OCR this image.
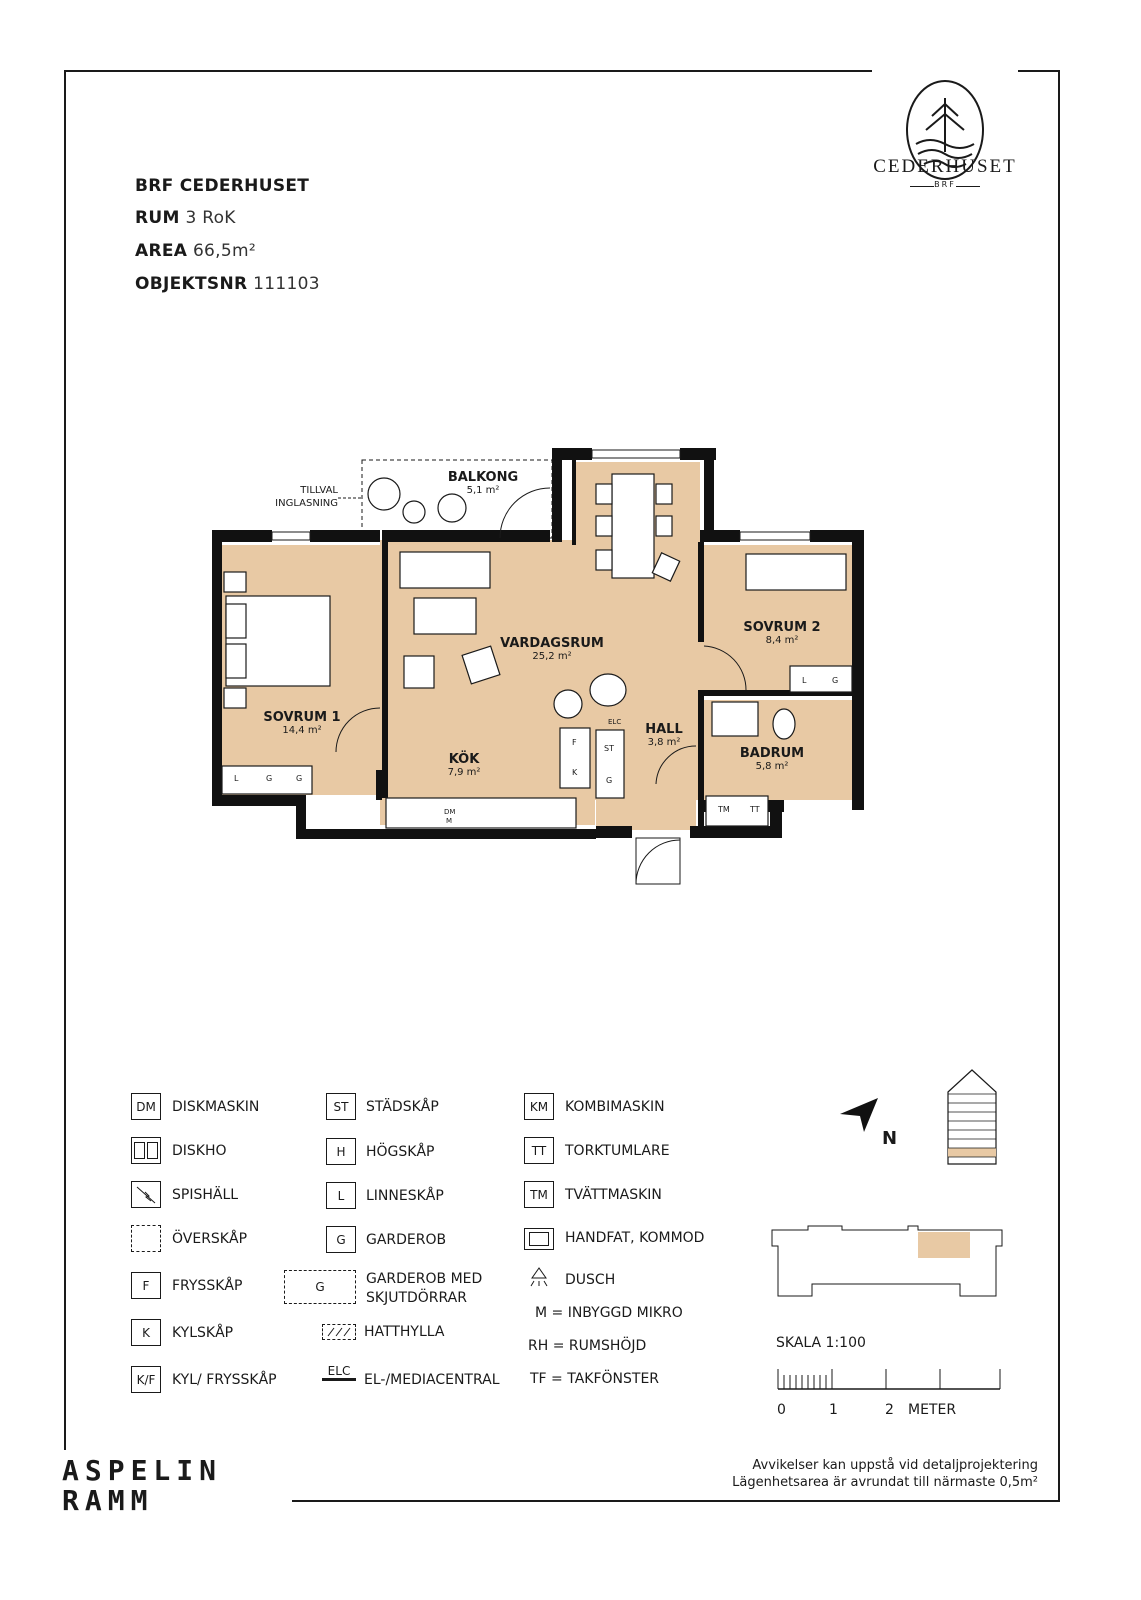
CEDERHUSET
BRF
BRF CEDERHUSET
RUM 3 RoK
AREA 66,5m²
OBJEKTSNR 111103
TILLVAL
INGLASNING
BALKONG
5,1 m²
VARDAGSRUM
25,2 m²
SOVRUM 1
14,4 m²
SOVRUM 2
8,4 m²
KÖK
7,9 m²
HALL
3,8 m²
BADRUM
5,8 m²
L	G	G
L	G
F
K
ST
G
ELC
DM
M
TM	TT
DM	DISKMASKIN
DISKHO
SPISHÄLL
ÖVERSKÅP
F	FRYSSKÅP
K	KYLSKÅP
K/F	KYL/ FRYSSKÅP
ST	STÄDSKÅP
H	HÖGSKÅP
L	LINNESKÅP
G	GARDEROB
G	GARDEROB MED SKJUTDÖRRAR
HATTHYLLA
ELC
EL-/MEDIACENTRAL
KM	KOMBIMASKIN
TT	TORKTUMLARE
TM	TVÄTTMASKIN
HANDFAT, KOMMOD
DUSCH
M = INBYGGD MIKRO
RH = RUMSHÖJD
TF = TAKFÖNSTER
N
SKALA 1:100
0	1	2 METER
Avvikelser kan uppstå vid detaljprojektering
Lägenhetsarea är avrundat till närmaste 0,5m²
ASPELIN
RAMM
